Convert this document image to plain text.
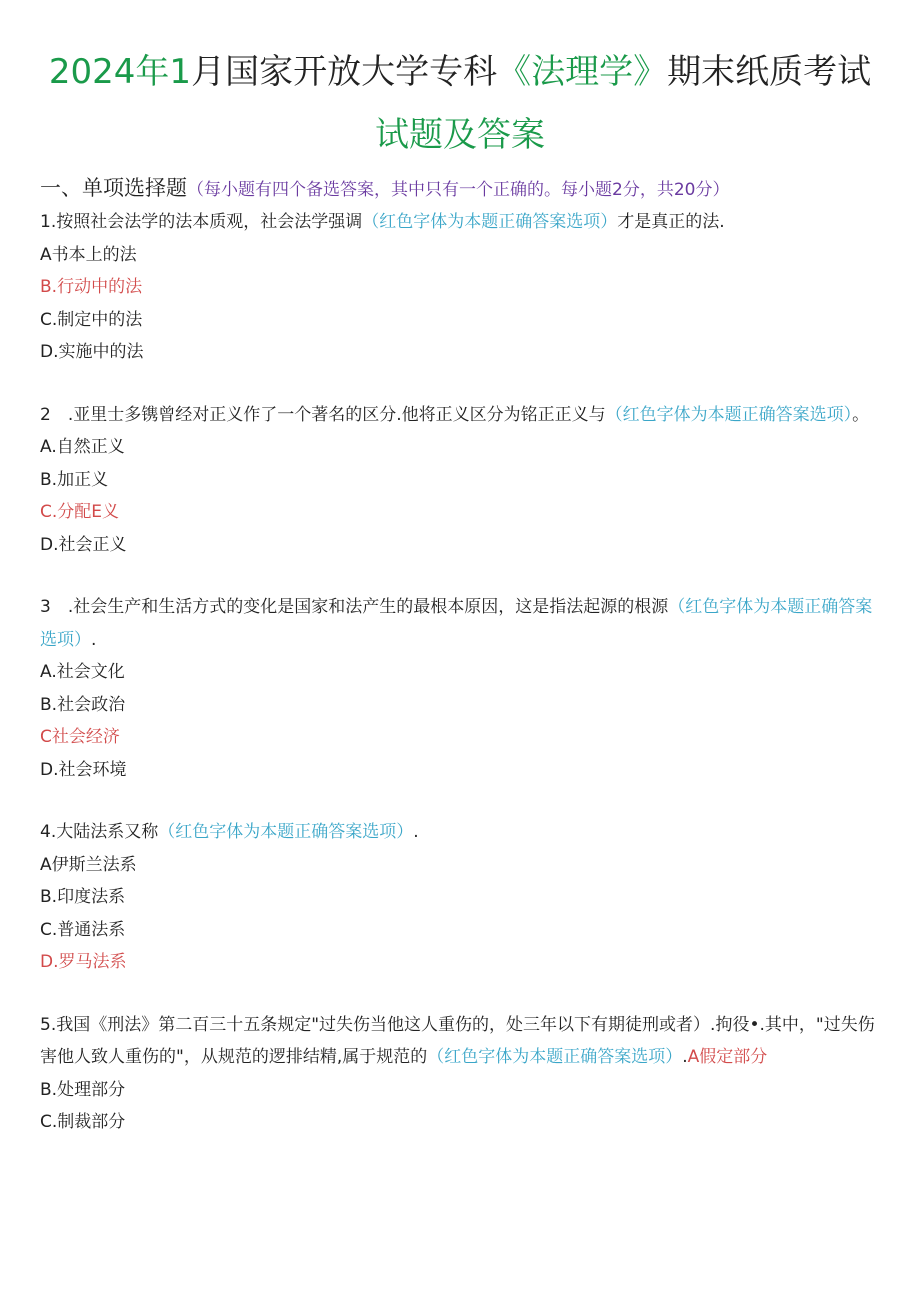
2024年1月国家开放大学专科《法理学》期末纸质考试
试题及答案
一、单项选择题（每小题有四个备选答案，其中只有一个正确的。每小题2分，共20分）
1.按照社会法学的法本质观，社会法学强调（红色字体为本题正确答案选项）才是真正的法.
A书本上的法
B.行动中的法
C.制定中的法
D.实施中的法
2　.亚里士多镌曾经对正义作了一个著名的区分.他将正义区分为铭正正义与（红色字体为本题正确答案选项）。
A.自然正义
B.加正义
C.分配E义
D.社会正义
3　.社会生产和生活方式的变化是国家和法产生的最根本原因，这是指法起源的根源（红色字体为本题正确答案选项）.
A.社会文化
B.社会政治
C社会经济
D.社会环境
4.大陆法系又称（红色字体为本题正确答案选项）.
A伊斯兰法系
B.印度法系
C.普通法系
D.罗马法系
5.我国《刑法》第二百三十五条规定"过失伤当他这人重伤的，处三年以下有期徒刑或者）.拘役•.其中，"过失伤害他人致人重伤的"，从规范的逻排结精,属于规范的（红色字体为本题正确答案选项）.A假定部分
B.处理部分
C.制裁部分
